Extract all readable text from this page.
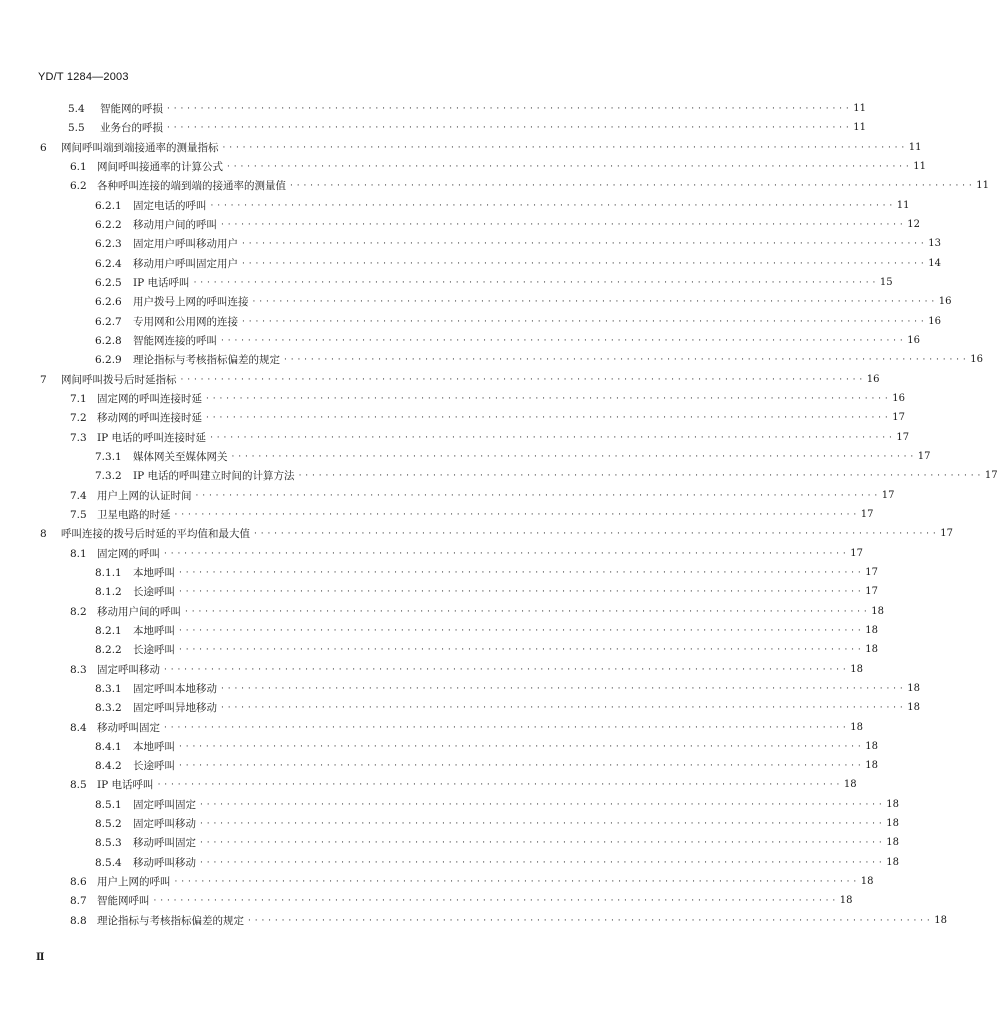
YD/T 1284—2003
5.4 智能网的呼损 · · · · · · · · · · · · · · · · · · · · · · · · · · · · · · · · · · · · · · · · · · · · · · · · · · · · · · · · · · · · · · · · · · · · · · · · · · · · · · · · · · · · · · · · · · · · · · · · · · · · · · 11
5.5 业务台的呼损 · · · · · · · · · · · · · · · · · · · · · · · · · · · · · · · · · · · · · · · · · · · · · · · · · · · · · · · · · · · · · · · · · · · · · · · · · · · · · · · · · · · · · · · · · · · · · · · · · · · · · · 11
6 网间呼叫端到端接通率的测量指标 · · · · · · · · · · · · · · · · · · · · · · · · · · · · · · · · · · · · · · · · · · · · · · · · · · · · · · · · · · · · · · · · · · · · · · · · · · · · · · · · · · · · · · · · · · · · · · · · · · · · · · 11
6.1 网间呼叫接通率的计算公式 · · · · · · · · · · · · · · · · · · · · · · · · · · · · · · · · · · · · · · · · · · · · · · · · · · · · · · · · · · · · · · · · · · · · · · · · · · · · · · · · · · · · · · · · · · · · · · · · · · · · · · 11
6.2 各种呼叫连接的端到端的接通率的测量值 · · · · · · · · · · · · · · · · · · · · · · · · · · · · · · · · · · · · · · · · · · · · · · · · · · · · · · · · · · · · · · · · · · · · · · · · · · · · · · · · · · · · · · · · · · · · · · · · · · · · · · 11
6.2.1 固定电话的呼叫 · · · · · · · · · · · · · · · · · · · · · · · · · · · · · · · · · · · · · · · · · · · · · · · · · · · · · · · · · · · · · · · · · · · · · · · · · · · · · · · · · · · · · · · · · · · · · · · · · · · · · · 11
6.2.2 移动用户间的呼叫 · · · · · · · · · · · · · · · · · · · · · · · · · · · · · · · · · · · · · · · · · · · · · · · · · · · · · · · · · · · · · · · · · · · · · · · · · · · · · · · · · · · · · · · · · · · · · · · · · · · · · · 12
6.2.3 固定用户呼叫移动用户 · · · · · · · · · · · · · · · · · · · · · · · · · · · · · · · · · · · · · · · · · · · · · · · · · · · · · · · · · · · · · · · · · · · · · · · · · · · · · · · · · · · · · · · · · · · · · · · · · · · · · · 13
6.2.4 移动用户呼叫固定用户 · · · · · · · · · · · · · · · · · · · · · · · · · · · · · · · · · · · · · · · · · · · · · · · · · · · · · · · · · · · · · · · · · · · · · · · · · · · · · · · · · · · · · · · · · · · · · · · · · · · · · · 14
6.2.5 IP 电话呼叫 · · · · · · · · · · · · · · · · · · · · · · · · · · · · · · · · · · · · · · · · · · · · · · · · · · · · · · · · · · · · · · · · · · · · · · · · · · · · · · · · · · · · · · · · · · · · · · · · · · · · · · 15
6.2.6 用户拨号上网的呼叫连接 · · · · · · · · · · · · · · · · · · · · · · · · · · · · · · · · · · · · · · · · · · · · · · · · · · · · · · · · · · · · · · · · · · · · · · · · · · · · · · · · · · · · · · · · · · · · · · · · · · · · · · 16
6.2.7 专用网和公用网的连接 · · · · · · · · · · · · · · · · · · · · · · · · · · · · · · · · · · · · · · · · · · · · · · · · · · · · · · · · · · · · · · · · · · · · · · · · · · · · · · · · · · · · · · · · · · · · · · · · · · · · · · 16
6.2.8 智能网连接的呼叫 · · · · · · · · · · · · · · · · · · · · · · · · · · · · · · · · · · · · · · · · · · · · · · · · · · · · · · · · · · · · · · · · · · · · · · · · · · · · · · · · · · · · · · · · · · · · · · · · · · · · · · 16
6.2.9 理论指标与考核指标偏差的规定 · · · · · · · · · · · · · · · · · · · · · · · · · · · · · · · · · · · · · · · · · · · · · · · · · · · · · · · · · · · · · · · · · · · · · · · · · · · · · · · · · · · · · · · · · · · · · · · · · · · · · · 16
7 网间呼叫拨号后时延指标 · · · · · · · · · · · · · · · · · · · · · · · · · · · · · · · · · · · · · · · · · · · · · · · · · · · · · · · · · · · · · · · · · · · · · · · · · · · · · · · · · · · · · · · · · · · · · · · · · · · · · · 16
7.1 固定网的呼叫连接时延 · · · · · · · · · · · · · · · · · · · · · · · · · · · · · · · · · · · · · · · · · · · · · · · · · · · · · · · · · · · · · · · · · · · · · · · · · · · · · · · · · · · · · · · · · · · · · · · · · · · · · · 16
7.2 移动网的呼叫连接时延 · · · · · · · · · · · · · · · · · · · · · · · · · · · · · · · · · · · · · · · · · · · · · · · · · · · · · · · · · · · · · · · · · · · · · · · · · · · · · · · · · · · · · · · · · · · · · · · · · · · · · · 17
7.3 IP 电话的呼叫连接时延 · · · · · · · · · · · · · · · · · · · · · · · · · · · · · · · · · · · · · · · · · · · · · · · · · · · · · · · · · · · · · · · · · · · · · · · · · · · · · · · · · · · · · · · · · · · · · · · · · · · · · · 17
7.3.1 媒体网关至媒体网关 · · · · · · · · · · · · · · · · · · · · · · · · · · · · · · · · · · · · · · · · · · · · · · · · · · · · · · · · · · · · · · · · · · · · · · · · · · · · · · · · · · · · · · · · · · · · · · · · · · · · · · 17
7.3.2 IP 电话的呼叫建立时间的计算方法 · · · · · · · · · · · · · · · · · · · · · · · · · · · · · · · · · · · · · · · · · · · · · · · · · · · · · · · · · · · · · · · · · · · · · · · · · · · · · · · · · · · · · · · · · · · · · · · · · · · · · · 17
7.4 用户上网的认证时间 · · · · · · · · · · · · · · · · · · · · · · · · · · · · · · · · · · · · · · · · · · · · · · · · · · · · · · · · · · · · · · · · · · · · · · · · · · · · · · · · · · · · · · · · · · · · · · · · · · · · · · 17
7.5 卫星电路的时延 · · · · · · · · · · · · · · · · · · · · · · · · · · · · · · · · · · · · · · · · · · · · · · · · · · · · · · · · · · · · · · · · · · · · · · · · · · · · · · · · · · · · · · · · · · · · · · · · · · · · · · 17
8 呼叫连接的拨号后时延的平均值和最大值 · · · · · · · · · · · · · · · · · · · · · · · · · · · · · · · · · · · · · · · · · · · · · · · · · · · · · · · · · · · · · · · · · · · · · · · · · · · · · · · · · · · · · · · · · · · · · · · · · · · · · · 17
8.1 固定网的呼叫 · · · · · · · · · · · · · · · · · · · · · · · · · · · · · · · · · · · · · · · · · · · · · · · · · · · · · · · · · · · · · · · · · · · · · · · · · · · · · · · · · · · · · · · · · · · · · · · · · · · · · · 17
8.1.1 本地呼叫 · · · · · · · · · · · · · · · · · · · · · · · · · · · · · · · · · · · · · · · · · · · · · · · · · · · · · · · · · · · · · · · · · · · · · · · · · · · · · · · · · · · · · · · · · · · · · · · · · · · · · · 17
8.1.2 长途呼叫 · · · · · · · · · · · · · · · · · · · · · · · · · · · · · · · · · · · · · · · · · · · · · · · · · · · · · · · · · · · · · · · · · · · · · · · · · · · · · · · · · · · · · · · · · · · · · · · · · · · · · · 17
8.2 移动用户间的呼叫 · · · · · · · · · · · · · · · · · · · · · · · · · · · · · · · · · · · · · · · · · · · · · · · · · · · · · · · · · · · · · · · · · · · · · · · · · · · · · · · · · · · · · · · · · · · · · · · · · · · · · · 18
8.2.1 本地呼叫 · · · · · · · · · · · · · · · · · · · · · · · · · · · · · · · · · · · · · · · · · · · · · · · · · · · · · · · · · · · · · · · · · · · · · · · · · · · · · · · · · · · · · · · · · · · · · · · · · · · · · · 18
8.2.2 长途呼叫 · · · · · · · · · · · · · · · · · · · · · · · · · · · · · · · · · · · · · · · · · · · · · · · · · · · · · · · · · · · · · · · · · · · · · · · · · · · · · · · · · · · · · · · · · · · · · · · · · · · · · · 18
8.3 固定呼叫移动 · · · · · · · · · · · · · · · · · · · · · · · · · · · · · · · · · · · · · · · · · · · · · · · · · · · · · · · · · · · · · · · · · · · · · · · · · · · · · · · · · · · · · · · · · · · · · · · · · · · · · · 18
8.3.1 固定呼叫本地移动 · · · · · · · · · · · · · · · · · · · · · · · · · · · · · · · · · · · · · · · · · · · · · · · · · · · · · · · · · · · · · · · · · · · · · · · · · · · · · · · · · · · · · · · · · · · · · · · · · · · · · · 18
8.3.2 固定呼叫异地移动 · · · · · · · · · · · · · · · · · · · · · · · · · · · · · · · · · · · · · · · · · · · · · · · · · · · · · · · · · · · · · · · · · · · · · · · · · · · · · · · · · · · · · · · · · · · · · · · · · · · · · · 18
8.4 移动呼叫固定 · · · · · · · · · · · · · · · · · · · · · · · · · · · · · · · · · · · · · · · · · · · · · · · · · · · · · · · · · · · · · · · · · · · · · · · · · · · · · · · · · · · · · · · · · · · · · · · · · · · · · · 18
8.4.1 本地呼叫 · · · · · · · · · · · · · · · · · · · · · · · · · · · · · · · · · · · · · · · · · · · · · · · · · · · · · · · · · · · · · · · · · · · · · · · · · · · · · · · · · · · · · · · · · · · · · · · · · · · · · · 18
8.4.2 长途呼叫 · · · · · · · · · · · · · · · · · · · · · · · · · · · · · · · · · · · · · · · · · · · · · · · · · · · · · · · · · · · · · · · · · · · · · · · · · · · · · · · · · · · · · · · · · · · · · · · · · · · · · · 18
8.5 IP 电话呼叫 · · · · · · · · · · · · · · · · · · · · · · · · · · · · · · · · · · · · · · · · · · · · · · · · · · · · · · · · · · · · · · · · · · · · · · · · · · · · · · · · · · · · · · · · · · · · · · · · · · · · · · 18
8.5.1 固定呼叫固定 · · · · · · · · · · · · · · · · · · · · · · · · · · · · · · · · · · · · · · · · · · · · · · · · · · · · · · · · · · · · · · · · · · · · · · · · · · · · · · · · · · · · · · · · · · · · · · · · · · · · · · 18
8.5.2 固定呼叫移动 · · · · · · · · · · · · · · · · · · · · · · · · · · · · · · · · · · · · · · · · · · · · · · · · · · · · · · · · · · · · · · · · · · · · · · · · · · · · · · · · · · · · · · · · · · · · · · · · · · · · · · 18
8.5.3 移动呼叫固定 · · · · · · · · · · · · · · · · · · · · · · · · · · · · · · · · · · · · · · · · · · · · · · · · · · · · · · · · · · · · · · · · · · · · · · · · · · · · · · · · · · · · · · · · · · · · · · · · · · · · · · 18
8.5.4 移动呼叫移动 · · · · · · · · · · · · · · · · · · · · · · · · · · · · · · · · · · · · · · · · · · · · · · · · · · · · · · · · · · · · · · · · · · · · · · · · · · · · · · · · · · · · · · · · · · · · · · · · · · · · · · 18
8.6 用户上网的呼叫 · · · · · · · · · · · · · · · · · · · · · · · · · · · · · · · · · · · · · · · · · · · · · · · · · · · · · · · · · · · · · · · · · · · · · · · · · · · · · · · · · · · · · · · · · · · · · · · · · · · · · · 18
8.7 智能网呼叫 · · · · · · · · · · · · · · · · · · · · · · · · · · · · · · · · · · · · · · · · · · · · · · · · · · · · · · · · · · · · · · · · · · · · · · · · · · · · · · · · · · · · · · · · · · · · · · · · · · · · · · 18
8.8 理论指标与考核指标偏差的规定 · · · · · · · · · · · · · · · · · · · · · · · · · · · · · · · · · · · · · · · · · · · · · · · · · · · · · · · · · · · · · · · · · · · · · · · · · · · · · · · · · · · · · · · · · · · · · · · · · · · · · · 18
Ⅱ
